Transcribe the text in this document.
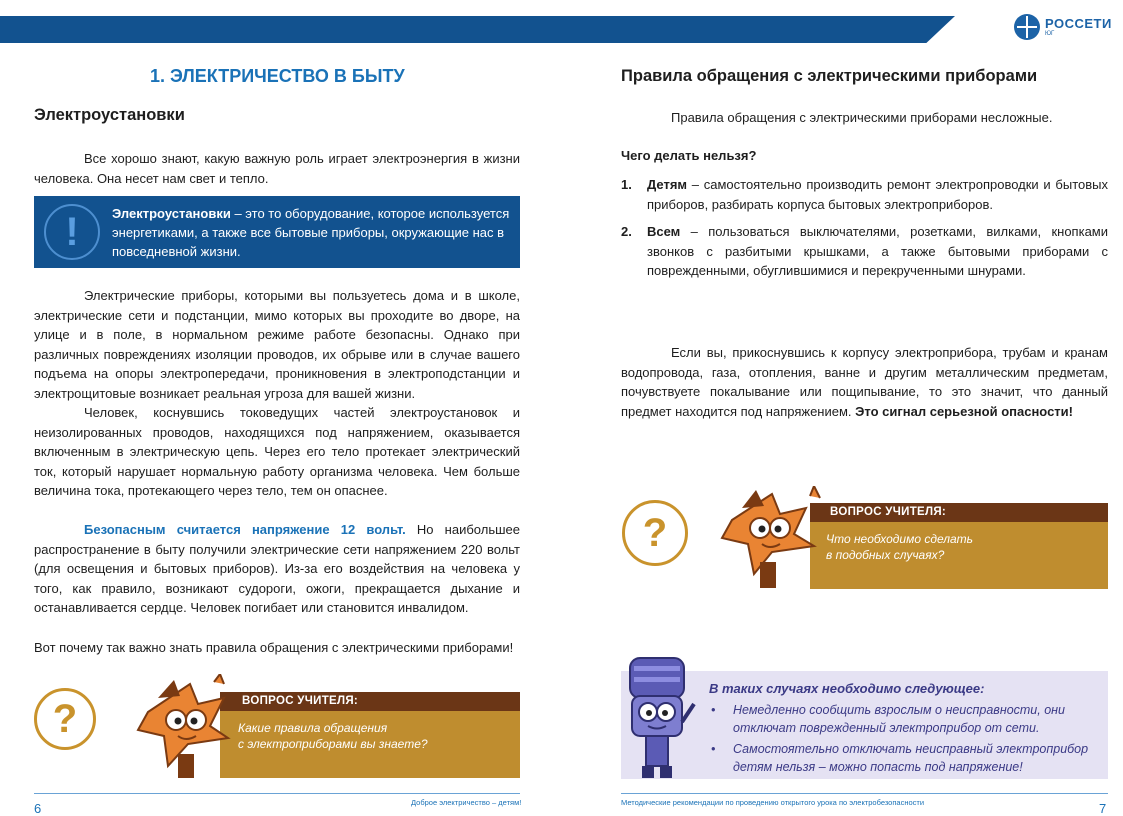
РОССЕТИ
ЮГ
1. ЭЛЕКТРИЧЕСТВО В БЫТУ
Электроустановки

Все хорошо знают, какую важную роль играет электроэнергия в жизни человека. Она несет нам свет и тепло.

!	Электроустановки – это то оборудование, которое используется энергетиками, а также все бытовые приборы, окружающие нас в повседневной жизни.

Электрические приборы, которыми вы пользуетесь дома и в школе, электрические сети и подстанции, мимо которых вы проходите во дворе, на улице и в поле, в нормальном режиме работе безопасны. Однако при различных повреждениях изоляции проводов, их обрыве или в случае вашего подъема на опоры электропередачи, проникновения в электроподстанции и электрощитовые возникает реальная угроза для вашей жизни.

Человек, коснувшись токоведущих частей электроустановок и неизолированных проводов, находящихся под напряжением, оказывается включенным в электрическую цепь. Через его тело протекает электрический ток, который нарушает нормальную работу организма человека. Чем больше величина тока, протекающего через тело, тем он опаснее.

Безопасным считается напряжение 12 вольт. Но наибольшее распространение в быту получили электрические сети напряжением 220 вольт (для освещения и бытовых приборов). Из-за его воздействия на человека у того, как правило, возникают судороги, ожоги, прекращается дыхание и останавливается сердце. Человек погибает или становится инвалидом.

Вот почему так важно знать правила обращения с электрическими приборами!

?	ВОПРОС УЧИТЕЛЯ:
Какие правила обращения
с электроприборами вы знаете?
6	Доброе электричество – детям!
Правила обращения с электрическими приборами

Правила обращения с электрическими приборами несложные.

Чего делать нельзя?
1. Детям – самостоятельно производить ремонт электропроводки и бытовых приборов, разбирать корпуса бытовых электроприборов.
2. Всем – пользоваться выключателями, розетками, вилками, кнопками звонков с разбитыми крышками, а также бытовыми приборами с поврежденными, обуглившимися и перекрученными шнурами.

Если вы, прикоснувшись к корпусу электроприбора, трубам и кранам водопровода, газа, отопления, ванне и другим металлическим предметам, почувствуете покалывание или пощипывание, то это значит, что данный предмет находится под напряжением. Это сигнал серьезной опасности!

?	ВОПРОС УЧИТЕЛЯ:
Что необходимо сделать
в подобных случаях?
В таких случаях необходимо следующее:
• Немедленно сообщить взрослым о неисправности, они отключат поврежденный электроприбор от сети.
• Самостоятельно отключать неисправный электроприбор детям нельзя – можно попасть под напряжение!
Методические рекомендации по проведению открытого урока по электробезопасности	7
